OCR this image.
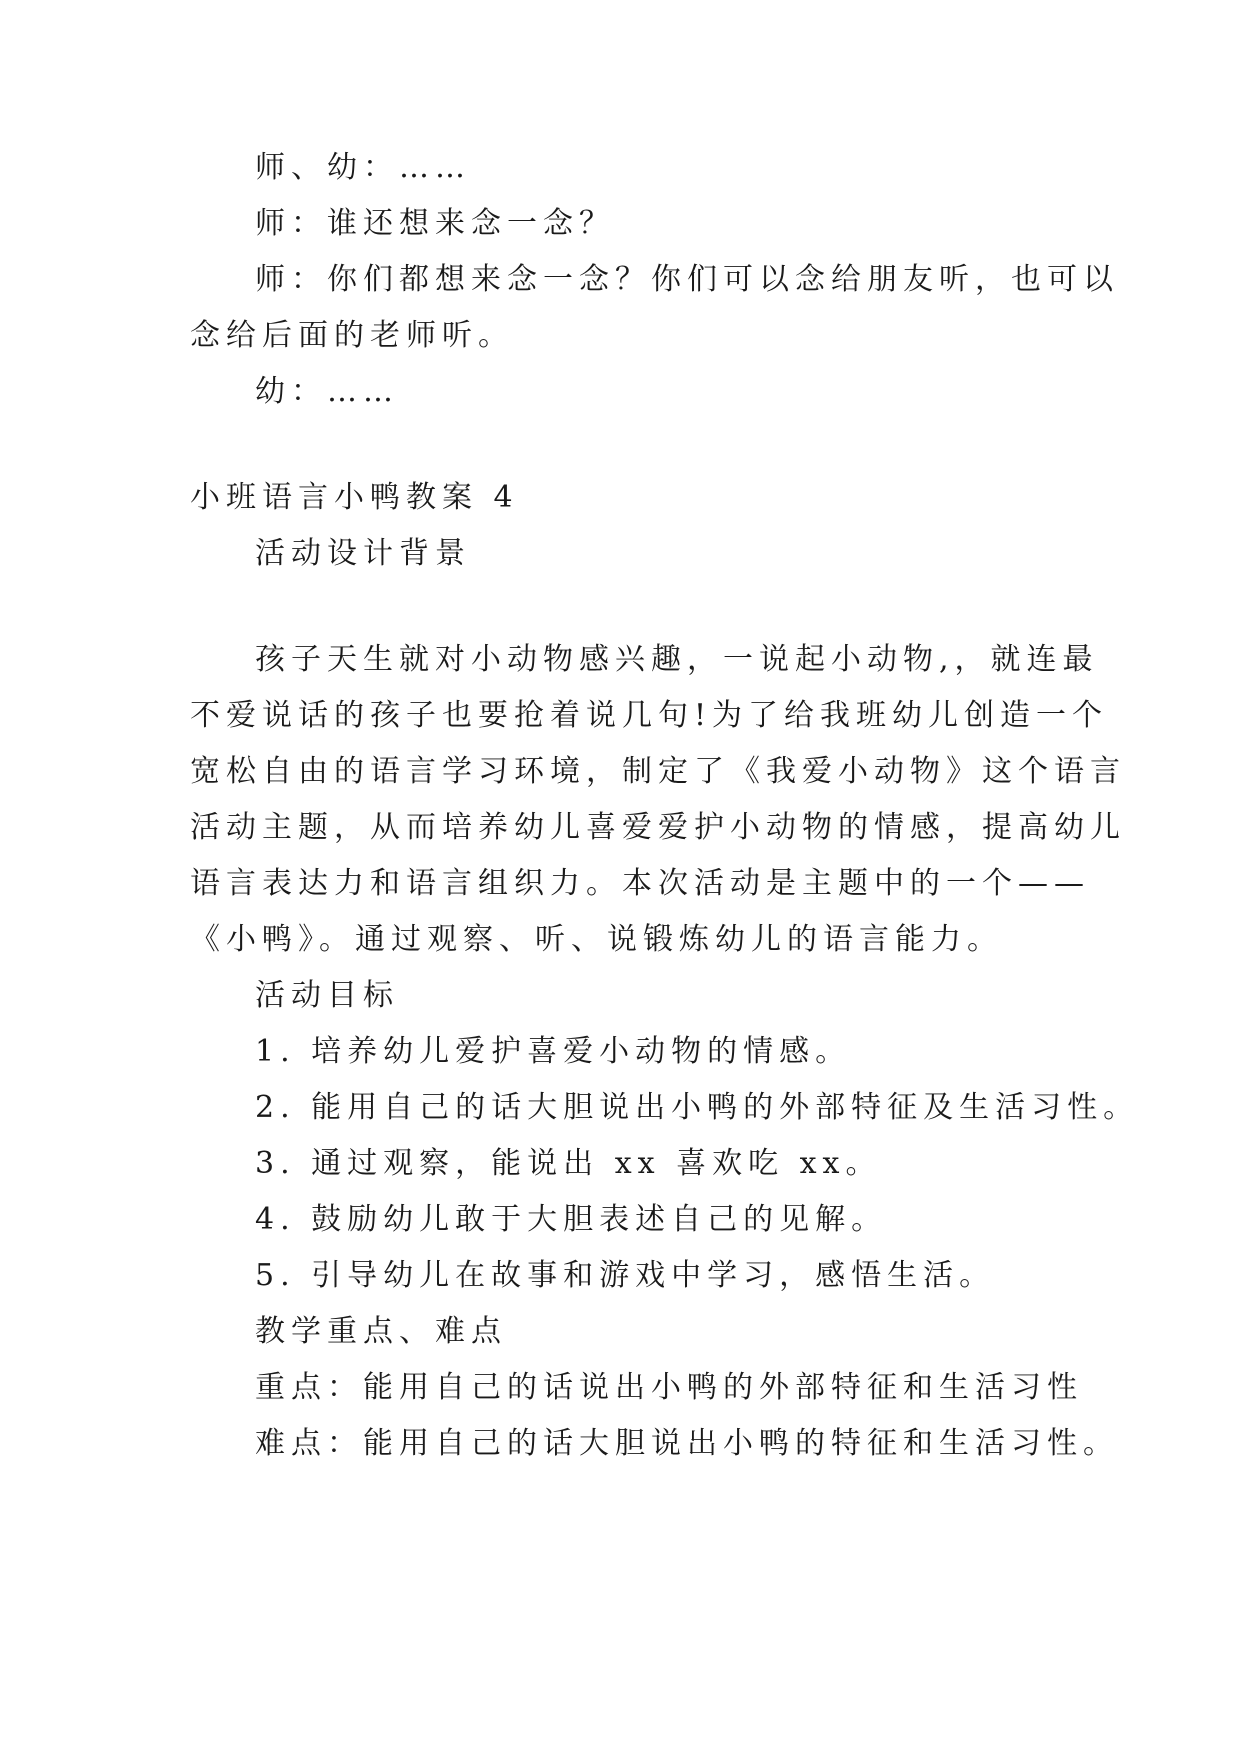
师、幼：……
师：谁还想来念一念？
师：你们都想来念一念？你们可以念给朋友听，也可以
念给后面的老师听。
幼：……
小班语言小鸭教案 4
活动设计背景
孩子天生就对小动物感兴趣，一说起小动物,，就连最
不爱说话的孩子也要抢着说几句!为了给我班幼儿创造一个
宽松自由的语言学习环境，制定了《我爱小动物》这个语言
活动主题，从而培养幼儿喜爱爱护小动物的情感，提高幼儿
语言表达力和语言组织力。本次活动是主题中的一个——
《小鸭》。通过观察、听、说锻炼幼儿的语言能力。
活动目标
1. 培养幼儿爱护喜爱小动物的情感。
2. 能用自己的话大胆说出小鸭的外部特征及生活习性。
3. 通过观察，能说出 xx 喜欢吃 xx。
4. 鼓励幼儿敢于大胆表述自己的见解。
5. 引导幼儿在故事和游戏中学习，感悟生活。
教学重点、难点
重点：能用自己的话说出小鸭的外部特征和生活习性
难点：能用自己的话大胆说出小鸭的特征和生活习性。
